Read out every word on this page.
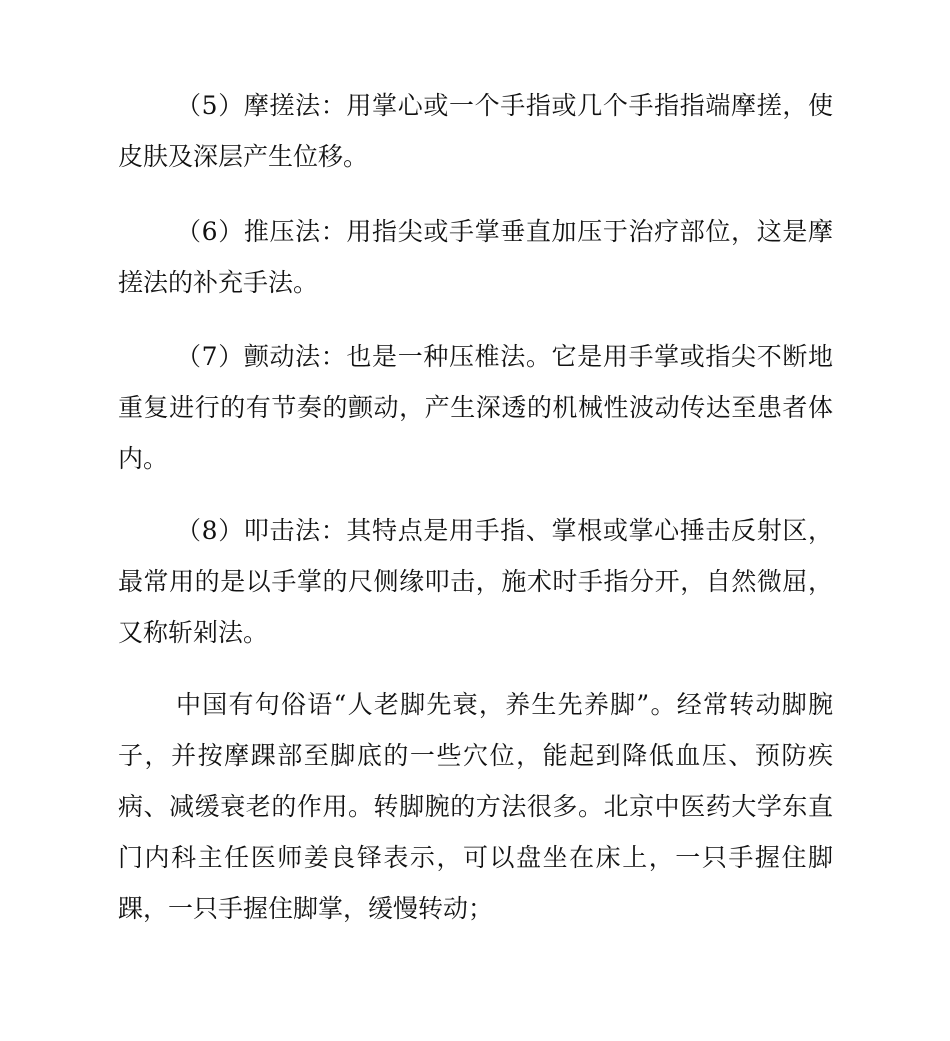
（5）摩搓法：用掌心或一个手指或几个手指指端摩搓，使皮肤及深层产生位移。

（6）推压法：用指尖或手掌垂直加压于治疗部位，这是摩搓法的补充手法。

（7）颤动法：也是一种压椎法。它是用手掌或指尖不断地重复进行的有节奏的颤动，产生深透的机械性波动传达至患者体内。

（8）叩击法：其特点是用手指、掌根或掌心捶击反射区，最常用的是以手掌的尺侧缘叩击，施术时手指分开，自然微屈，又称斩剁法。

中国有句俗语“人老脚先衰，养生先养脚”。经常转动脚腕子，并按摩踝部至脚底的一些穴位，能起到降低血压、预防疾病、减缓衰老的作用。转脚腕的方法很多。北京中医药大学东直门内科主任医师姜良铎表示，可以盘坐在床上，一只手握住脚踝，一只手握住脚掌，缓慢转动；
